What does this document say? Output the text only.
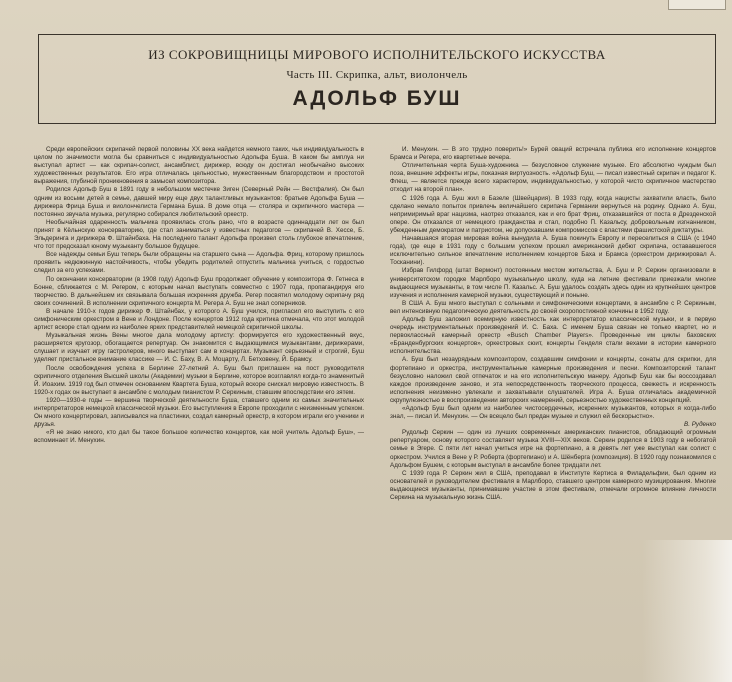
ИЗ СОКРОВИЩНИЦЫ МИРОВОГО ИСПОЛНИТЕЛЬСКОГО ИСКУССТВА
Часть III. Скрипка, альт, виолончель
АДОЛЬФ БУШ

Среди европейских скрипачей первой половины XX века найдется немного таких, чья индивидуальность в целом по значимости могла бы сравниться с индивидуальностью Адольфа Буша. В каком бы амплуа ни выступал артист — как скрипач-солист, ансамблист, дирижер, всюду он достигал необычайно высоких художественных результатов. Его игра отличалась цельностью, мужественным благородством и простотой выражения, глубиной проникновения в замысел композитора.

Родился Адольф Буш в 1891 году в небольшом местечке Зиген (Северный Рейн — Вестфалия). Он был одним из восьми детей в семье, давшей миру еще двух талантливых музыкантов: братьев Адольфа Буша — дирижера Фрица Буша и виолончелиста Германа Буша. В доме отца — столяра и скрипичного мастера — постоянно звучала музыка, регулярно собирался любительский оркестр.

Необычайная одаренность мальчика проявилась столь рано, что в возрасте одиннадцати лет он был принят в Кёльнскую консерваторию, где стал заниматься у известных педагогов — скрипачей В. Хессе, Б. Эльдеринга и дирижера Ф. Штайнбаха. На последнего талант Адольфа произвел столь глубокое впечатление, что тот предсказал юному музыканту большое будущее.

Все надежды семьи Буш теперь были обращены на старшего сына — Адольфа. Фриц, которому пришлось проявить недюжинную настойчивость, чтобы убедить родителей отпустить мальчика учиться, с гордостью следил за его успехами.

По окончании консерватории (в 1908 году) Адольф Буш продолжает обучение у композитора Ф. Гетнеса в Бонне, сближается с М. Регером, с которым начал выступать совместно с 1907 года, пропагандируя его творчество. В дальнейшем их связывала большая искренняя дружба. Регер посвятил молодому скрипачу ряд своих сочинений. В исполнении скрипичного концерта М. Регера А. Буш не знал соперников.

В начале 1910-х годов дирижер Ф. Штайнбах, у которого А. Буш учился, пригласил его выступить с его симфоническим оркестром в Вене и Лондоне. После концертов 1912 года критика отмечала, что этот молодой артист вскоре стал одним из наиболее ярких представителей немецкой скрипичной школы.

Музыкальная жизнь Вены многое дала молодому артисту: формируется его художественный вкус, расширяется кругозор, обогащается репертуар. Он знакомится с выдающимися музыкантами, дирижерами, слушает и изучает игру гастролеров, много выступает сам в концертах. Музыкант серьезный и строгий, Буш уделяет пристальное внимание классике — И. С. Баху, В. А. Моцарту, Л. Бетховену, Й. Брамсу.

После освобождения успеха в Берлине 27-летний А. Буш был приглашен на пост руководителя скрипичного отделения Высшей школы (Академии) музыки в Берлине, которое возглавлял когда-то знаменитый Й. Иоахим. 1919 год был отмечен основанием Квартета Буша, который вскоре снискал мировую известность. В 1920-х годах он выступает в ансамбле с молодым пианистом Р. Серкиным, ставшим впоследствии его зятем.

1920—1930-е годы — вершина творческой деятельности Буша, ставшего одним из самых значительных интерпретаторов немецкой классической музыки. Его выступления в Европе проходили с неизменным успехом. Он много концертировал, записывался на пластинки, создал камерный оркестр, в котором играли его ученики и друзья.

«Я не знаю никого, кто дал бы такое большое количество концертов, как мой учитель Адольф Буш», — вспоминает И. Менухин.

И. Менухин. — В это трудно поверить!» Бурей оваций встречала публика его исполнение концертов Брамса и Регера, его квартетные вечера.

Отличительная черта Буша-художника — безусловное служение музыке. Его абсолютно чуждым был поза, внешние эффекты игры, показная виртуозность. «Адольф Буш, — писал известный скрипач и педагог К. Флеш, — является прежде всего характером, индивидуальностью, у которой чисто скрипичное мастерство отходит на второй план».

С 1926 года А. Буш жил в Базеле (Швейцария). В 1933 году, когда нацисты захватили власть, было сделано немало попыток привлечь величайшего скрипача Германии вернуться на родину. Однако А. Буш, непримиримый враг нацизма, наотрез отказался, как и его брат Фриц, отказавшийся от поста в Дрезденской опере. Он отказался от немецкого гражданства и стал, подобно П. Казальсу, добровольным изгнанником, убежденным демократом и патриотом, не допускавшим компромиссов с властями фашистской диктатуры.

Начавшаяся вторая мировая война вынудила А. Буша покинуть Европу и переселиться в США (с 1940 года), где еще в 1931 году с большим успехом прошел американский дебют скрипача, остававшегося исключительно сильное впечатление исполнением концертов Баха и Брамса (оркестром дирижировал А. Тосканини).

Избрав Гилфорд (штат Вермонт) постоянным местом жительства, А. Буш и Р. Серкин организовали в университетском городке Марлборо музыкальную школу, куда на летние фестивали приезжали многие выдающиеся музыканты, в том числе П. Казальс. А. Буш удалось создать здесь один из крупнейших центров изучения и исполнения камерной музыки, существующий и поныне.

В США А. Буш много выступал с сольными и симфоническими концертами, в ансамбле с Р. Серкиным, вел интенсивную педагогическую деятельность до своей скоропостижной кончины в 1952 году.

Адольф Буш заложил всемирную известность как интерпретатор классической музыки, и в первую очередь инструментальных произведений И. С. Баха. С именем Буша связан не только квартет, но и первоклассный камерный оркестр «Busch Chamber Players». Проведенные им циклы баховских «Бранденбургских концертов», оркестровых сюит, концерты Генделя стали вехами в истории камерного исполнительства.

А. Буш был незаурядным композитором, создавшим симфонии и концерты, сонаты для скрипки, для фортепиано и оркестра, инструментальные камерные произведения и песни. Композиторский талант безусловно наложил свой отпечаток и на его исполнительскую манеру. Адольф Буш как бы воссоздавал каждое произведение заново, и эта непосредственность творческого процесса, свежесть и искренность исполнения неизменно увлекали и захватывали слушателей. Игра А. Буша отличалась академичной скрупулезностью в воспроизведении авторских намерений, серьезностью художественных концепций.

«Адольф Буш был одним из наиболее чистосердечных, искренних музыкантов, которых я когда-либо знал, — писал И. Менухин. — Он всецело был предан музыке и служил ей бескорыстно».

В. Руденко

Рудольф Серкин — один из лучших современных американских пианистов, обладающий огромным репертуаром, основу которого составляет музыка XVIII—XIX веков. Серкин родился в 1903 году в небогатой семье в Эгере. С пяти лет начал учиться игре на фортепиано, а в девять лет уже выступал как солист с оркестром. Учился в Вене у Р. Роберта (фортепиано) и А. Шёнберга (композиция). В 1920 году познакомился с Адольфом Бушем, с которым выступал в ансамбле более тридцати лет.

С 1939 года Р. Серкин жил в США, преподавал в Институте Кертиса в Филадельфии, был одним из основателей и руководителем фестиваля в Марлборо, ставшего центром камерного музицирования. Многие выдающиеся музыканты, принимавшие участие в этом фестивале, отмечали огромное влияние личности Серкина на музыкальную жизнь США.
